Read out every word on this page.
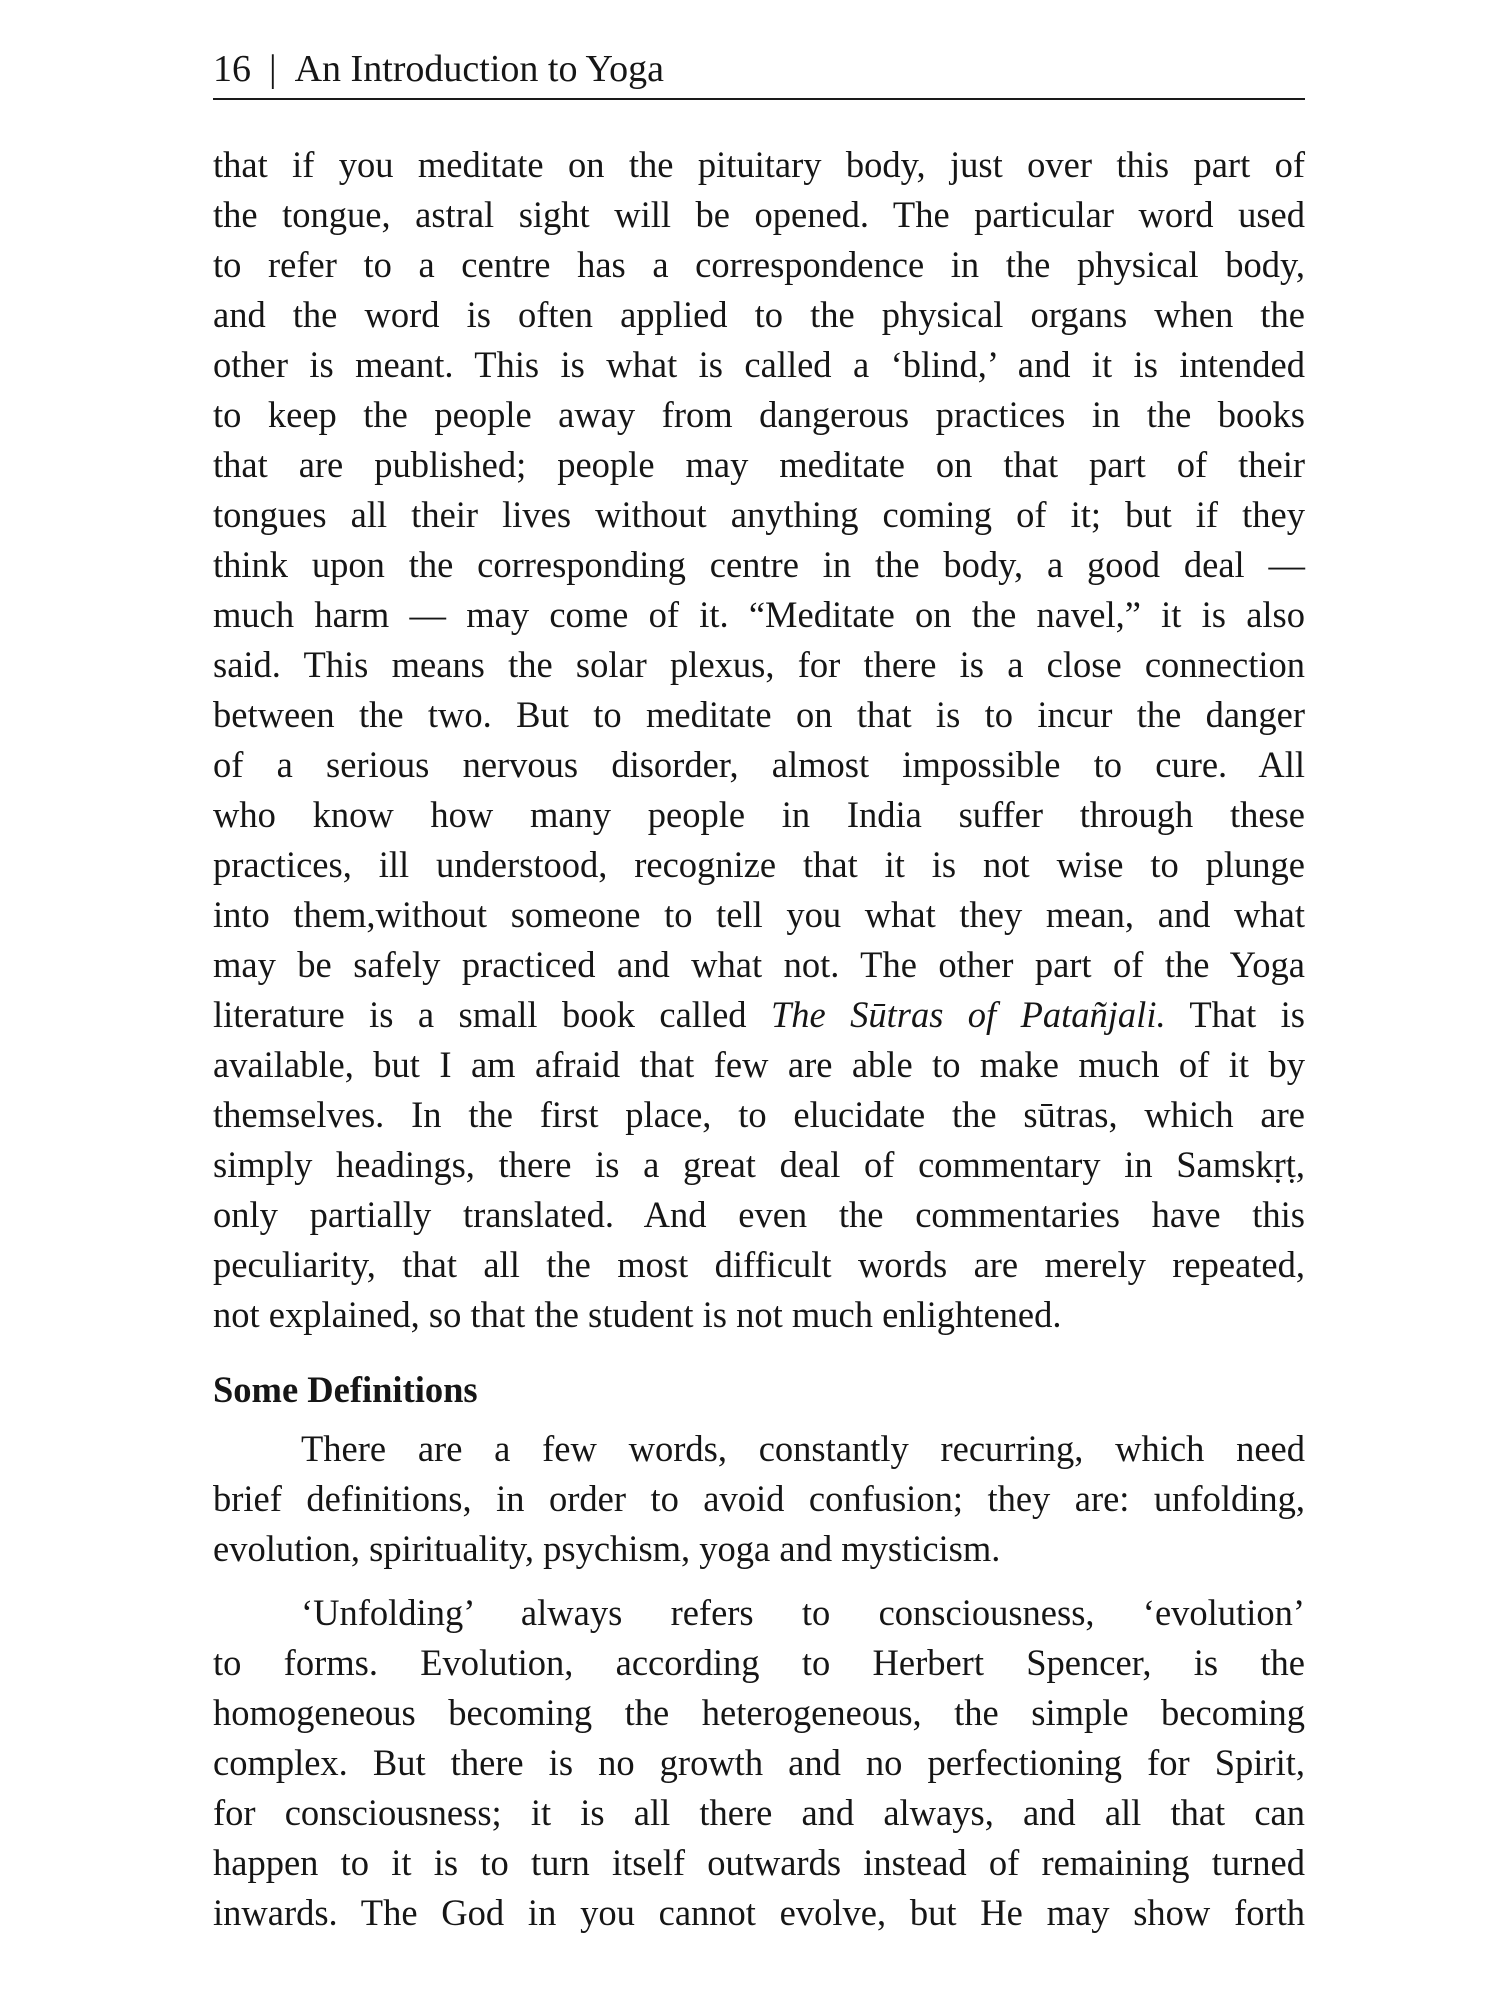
16 | An Introduction to Yoga
that if you meditate on the pituitary body, just over this part of
the tongue, astral sight will be opened. The particular word used
to refer to a centre has a correspondence in the physical body,
and the word is often applied to the physical organs when the
other is meant. This is what is called a ‘blind,’ and it is intended
to keep the people away from dangerous practices in the books
that are published; people may meditate on that part of their
tongues all their lives without anything coming of it; but if they
think upon the corresponding centre in the body, a good deal —
much harm — may come of it. “Meditate on the navel,” it is also
said. This means the solar plexus, for there is a close connection
between the two. But to meditate on that is to incur the danger
of a serious nervous disorder, almost impossible to cure. All
who know how many people in India suffer through these
practices, ill understood, recognize that it is not wise to plunge
into them,without someone to tell you what they mean, and what
may be safely practiced and what not. The other part of the Yoga
literature is a small book called The Sūtras of Patañjali. That is
available, but I am afraid that few are able to make much of it by
themselves. In the first place, to elucidate the sūtras, which are
simply headings, there is a great deal of commentary in Samskṛṭ,
only partially translated. And even the commentaries have this
peculiarity, that all the most difficult words are merely repeated,
not explained, so that the student is not much enlightened.
Some Definitions
There are a few words, constantly recurring, which need
brief definitions, in order to avoid confusion; they are: unfolding,
evolution, spirituality, psychism, yoga and mysticism.
‘Unfolding’ always refers to consciousness, ‘evolution’
to forms. Evolution, according to Herbert Spencer, is the
homogeneous becoming the heterogeneous, the simple becoming
complex. But there is no growth and no perfectioning for Spirit,
for consciousness; it is all there and always, and all that can
happen to it is to turn itself outwards instead of remaining turned
inwards. The God in you cannot evolve, but He may show forth
